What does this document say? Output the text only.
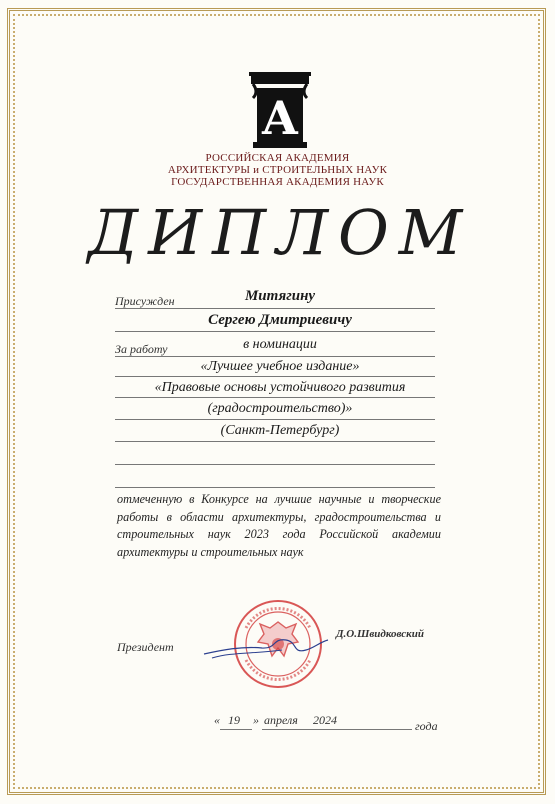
А
РОССИЙСКАЯ АКАДЕМИЯ
АРХИТЕКТУРЫ и СТРОИТЕЛЬНЫХ НАУК
ГОСУДАРСТВЕННАЯ АКАДЕМИЯ НАУК
ДИПЛОМ
Присужден	Митягину
Сергею Дмитриевичу
За работу	в номинации
«Лучшее учебное издание»
«Правовые основы устойчивого развития
(градостроительство)»
(Санкт-Петербург)
отмеченную в Конкурсе на лучшие научные и творческие работы в области архитектуры, градостроительства и строительных наук 2023 года Российской академии архитектуры и строительных наук
Президент
Д.О.Швидковский
« 19 » апреля 2024	года
